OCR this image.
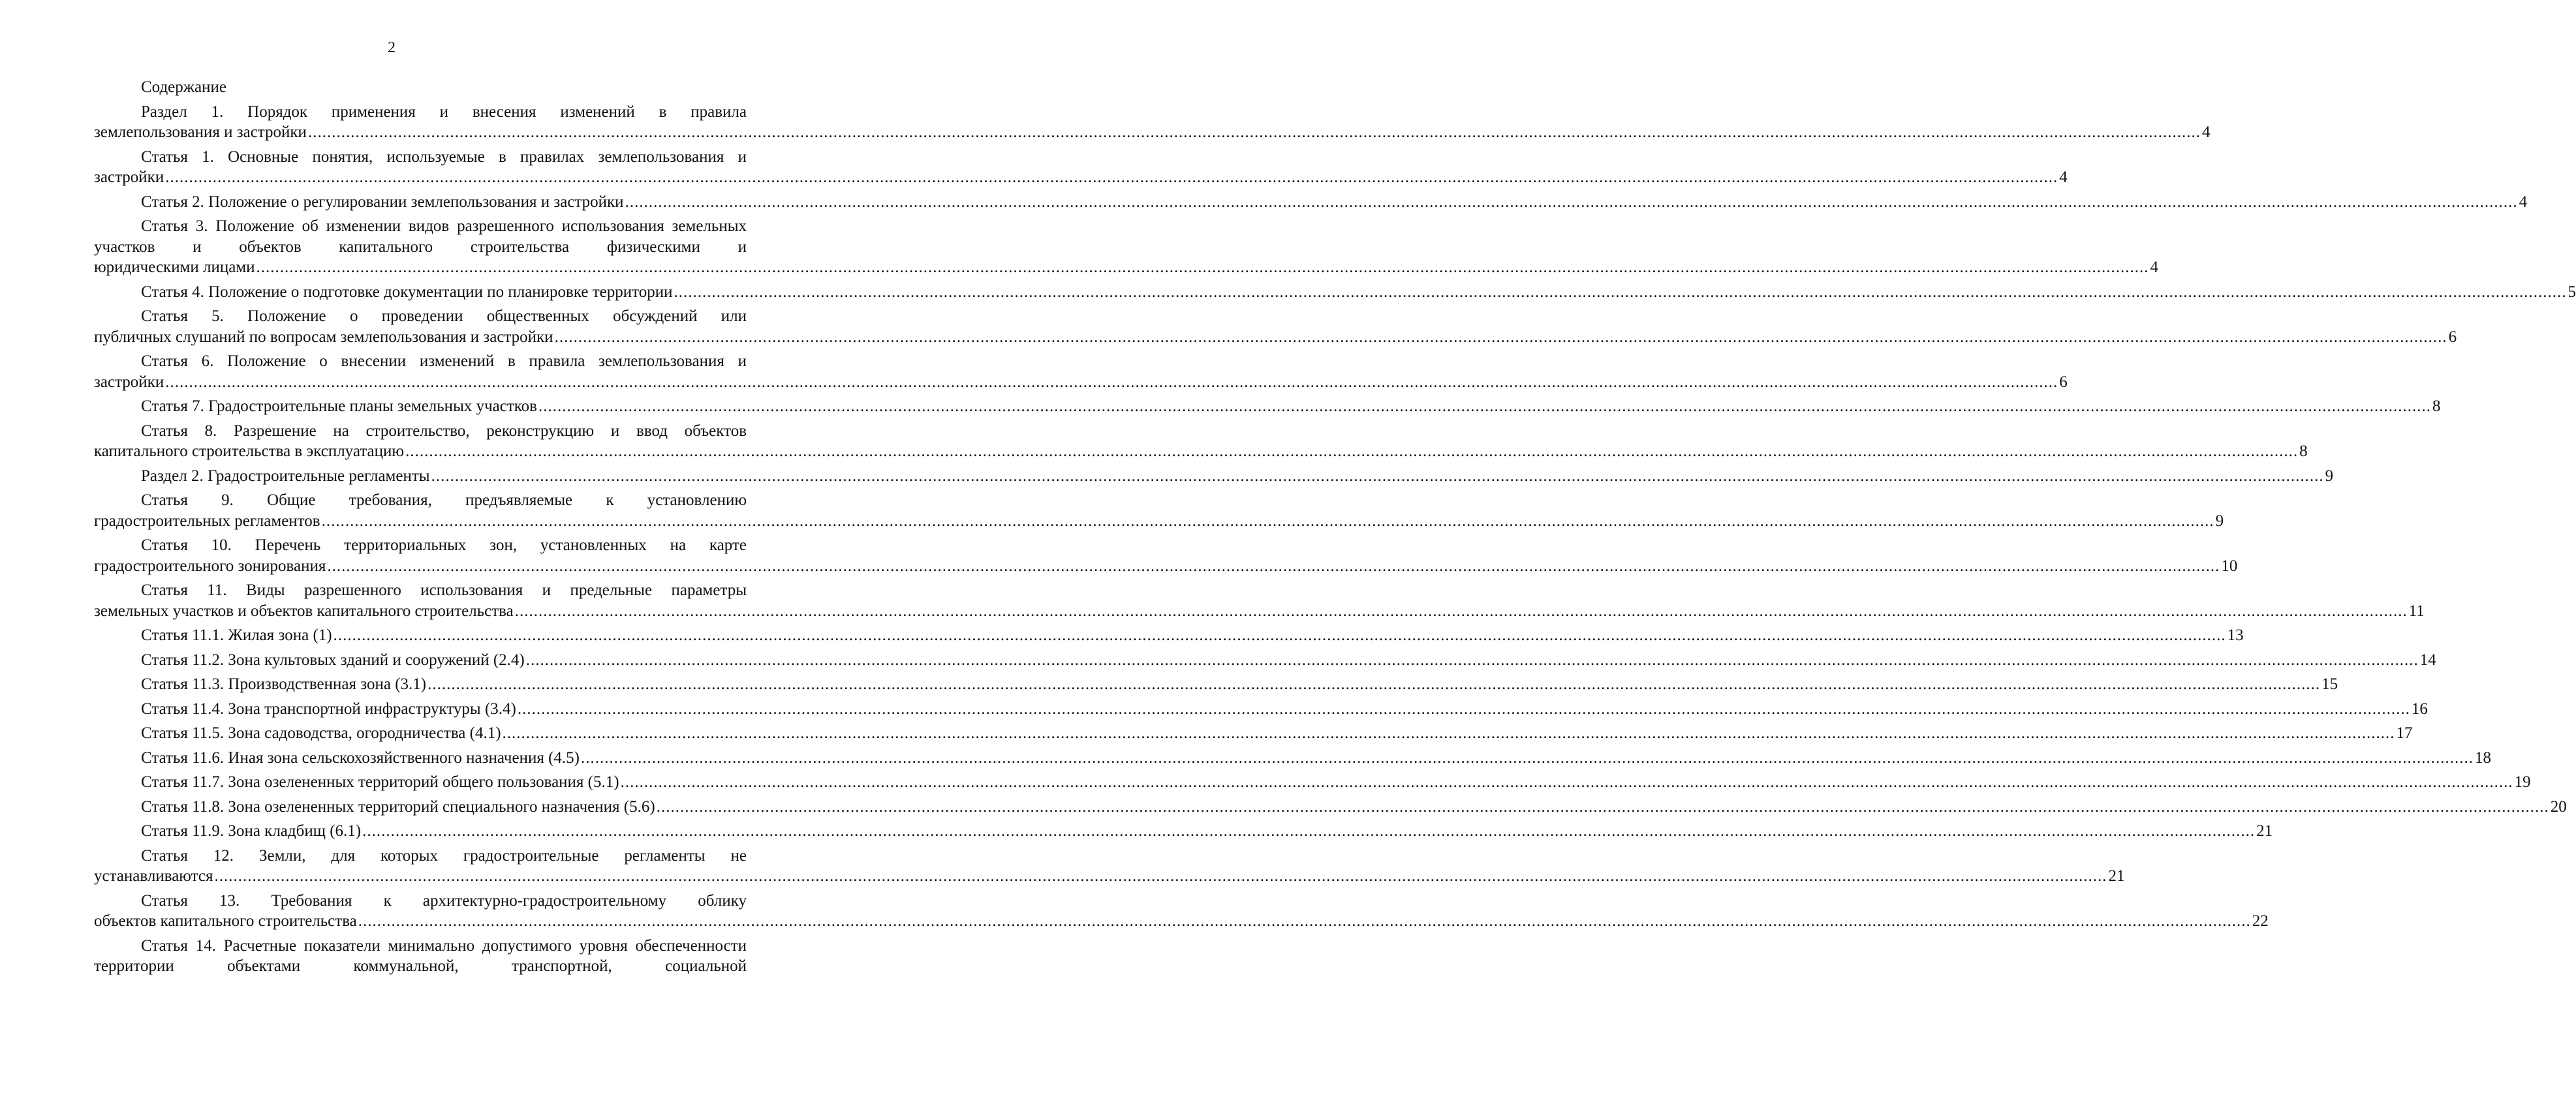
2
Содержание
Раздел 1. Порядок применения и внесения изменений в правила
землепользования и застройки ................................................................................................................................................................................................................................................................................................................................................................................................................ 4
Статья 1. Основные понятия, используемые в правилах землепользования и
застройки ................................................................................................................................................................................................................................................................................................................................................................................................................ 4
Статья 2. Положение о регулировании землепользования и застройки ................................................................................................................................................................................................................................................................................................................................................................................................................ 4
Статья 3. Положение об изменении видов разрешенного использования земельных участков и объектов капитального строительства физическими и
юридическими лицами ................................................................................................................................................................................................................................................................................................................................................................................................................ 4
Статья 4. Положение о подготовке документации по планировке территории ................................................................................................................................................................................................................................................................................................................................................................................................................ 5
Статья 5. Положение о проведении общественных обсуждений или
публичных слушаний по вопросам землепользования и застройки ................................................................................................................................................................................................................................................................................................................................................................................................................ 6
Статья 6. Положение о внесении изменений в правила землепользования и
застройки ................................................................................................................................................................................................................................................................................................................................................................................................................ 6
Статья 7. Градостроительные планы земельных участков ................................................................................................................................................................................................................................................................................................................................................................................................................ 8
Статья 8. Разрешение на строительство, реконструкцию и ввод объектов
капитального строительства в эксплуатацию ................................................................................................................................................................................................................................................................................................................................................................................................................ 8
Раздел 2. Градостроительные регламенты ................................................................................................................................................................................................................................................................................................................................................................................................................ 9
Статья 9. Общие требования, предъявляемые к установлению
градостроительных регламентов ................................................................................................................................................................................................................................................................................................................................................................................................................ 9
Статья 10. Перечень территориальных зон, установленных на карте
градостроительного зонирования ................................................................................................................................................................................................................................................................................................................................................................................................................ 10
Статья 11. Виды разрешенного использования и предельные параметры
земельных участков и объектов капитального строительства ................................................................................................................................................................................................................................................................................................................................................................................................................ 11
Статья 11.1. Жилая зона (1) ................................................................................................................................................................................................................................................................................................................................................................................................................ 13
Статья 11.2. Зона культовых зданий и сооружений (2.4) ................................................................................................................................................................................................................................................................................................................................................................................................................ 14
Статья 11.3. Производственная зона (3.1) ................................................................................................................................................................................................................................................................................................................................................................................................................ 15
Статья 11.4. Зона транспортной инфраструктуры (3.4) ................................................................................................................................................................................................................................................................................................................................................................................................................ 16
Статья 11.5. Зона садоводства, огородничества (4.1) ................................................................................................................................................................................................................................................................................................................................................................................................................ 17
Статья 11.6. Иная зона сельскохозяйственного назначения (4.5) ................................................................................................................................................................................................................................................................................................................................................................................................................ 18
Статья 11.7. Зона озелененных территорий общего пользования (5.1) ................................................................................................................................................................................................................................................................................................................................................................................................................ 19
Статья 11.8. Зона озелененных территорий специального назначения (5.6) ................................................................................................................................................................................................................................................................................................................................................................................................................ 20
Статья 11.9. Зона кладбищ (6.1) ................................................................................................................................................................................................................................................................................................................................................................................................................ 21
Статья 12. Земли, для которых градостроительные регламенты не
устанавливаются ................................................................................................................................................................................................................................................................................................................................................................................................................ 21
Статья 13. Требования к архитектурно-градостроительному облику
объектов капитального строительства ................................................................................................................................................................................................................................................................................................................................................................................................................ 22
Статья 14. Расчетные показатели минимально допустимого уровня обеспеченности территории объектами коммунальной, транспортной, социальной
